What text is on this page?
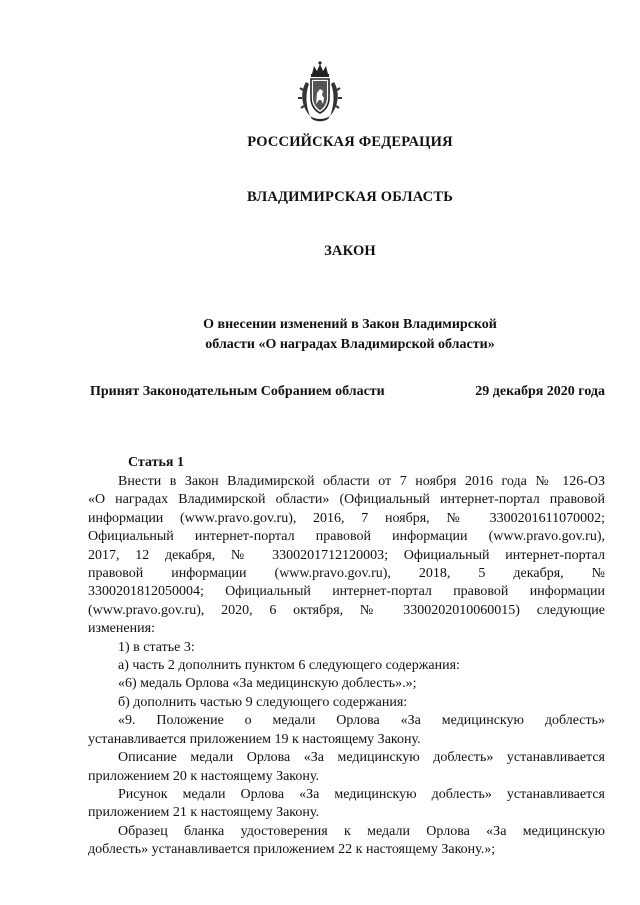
РОССИЙСКАЯ ФЕДЕРАЦИЯ
ВЛАДИМИРСКАЯ ОБЛАСТЬ
ЗАКОН
О внесении изменений в Закон Владимирской
области «О наградах Владимирской области»
Принят Законодательным Собранием области	29 декабря 2020 года
Статья 1
Внести в Закон Владимирской области от 7 ноября 2016 года № 126-ОЗ
«О наградах Владимирской области» (Официальный интернет-портал правовой
информации (www.pravo.gov.ru), 2016, 7 ноября, № 3300201611070002;
Официальный интернет-портал правовой информации (www.pravo.gov.ru),
2017, 12 декабря, № 3300201712120003; Официальный интернет-портал
правовой информации (www.pravo.gov.ru), 2018, 5 декабря, №
3300201812050004; Официальный интернет-портал правовой информации
(www.pravo.gov.ru), 2020, 6 октября, № 3300202010060015) следующие
изменения:
1) в статье 3:
а) часть 2 дополнить пунктом 6 следующего содержания:
«6) медаль Орлова «За медицинскую доблесть».»;
б) дополнить частью 9 следующего содержания:
«9. Положение о медали Орлова «За медицинскую доблесть»
устанавливается приложением 19 к настоящему Закону.
Описание медали Орлова «За медицинскую доблесть» устанавливается
приложением 20 к настоящему Закону.
Рисунок медали Орлова «За медицинскую доблесть» устанавливается
приложением 21 к настоящему Закону.
Образец бланка удостоверения к медали Орлова «За медицинскую
доблесть» устанавливается приложением 22 к настоящему Закону.»;
